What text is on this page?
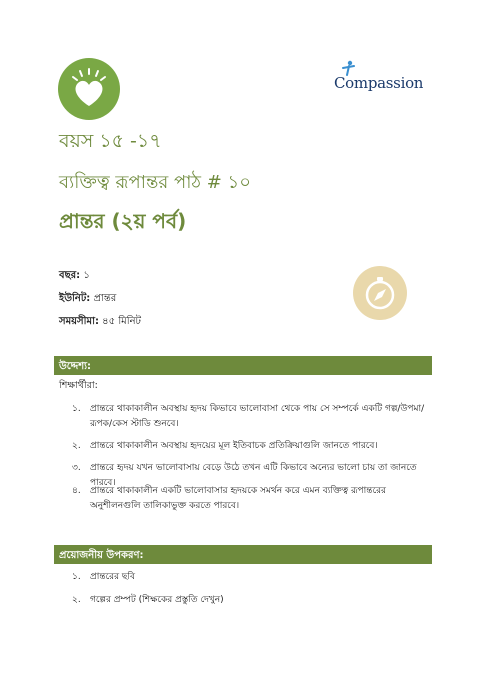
Compassion
বয়স ১৫ -১৭
ব্যক্তিত্ব রূপান্তর পাঠ # ১০
প্রান্তর (২য় পর্ব)
বছর: ১
ইউনিট: প্রান্তর
সময়সীমা: ৪৫ মিনিট
উদ্দেশ্য:
শিক্ষার্থীরা:
১.	প্রান্তরে থাকাকালীন অবস্থায় হৃদয় কিভাবে ভালোবাসা থেকে পায় সে সম্পর্কে একটি গল্প/উপমা/রূপক/কেস স্টাডি শুনবে।
২.	প্রান্তরে থাকাকালীন অবস্থায় হৃদয়ের মূল ইতিবাচক প্রতিক্রিয়াগুলি জানতে পারবে।
৩.	প্রান্তরে হৃদয় যখন ভালোবাসায় বেড়ে উঠে তখন এটি কিভাবে অন্যের ভালো চায় তা জানতে পারবে।
৪.	প্রান্তরে থাকাকালীন একটি ভালোবাসার হৃদয়কে সমর্থন করে এমন ব্যক্তিত্ব রূপান্তরের অনুশীলনগুলি তালিকাভুক্ত করতে পারবে।
প্রয়োজনীয় উপকরণ:
১.	প্রান্তরের ছবি
২.	গল্পের প্রম্পট (শিক্ষকের প্রস্তুতি দেখুন)
